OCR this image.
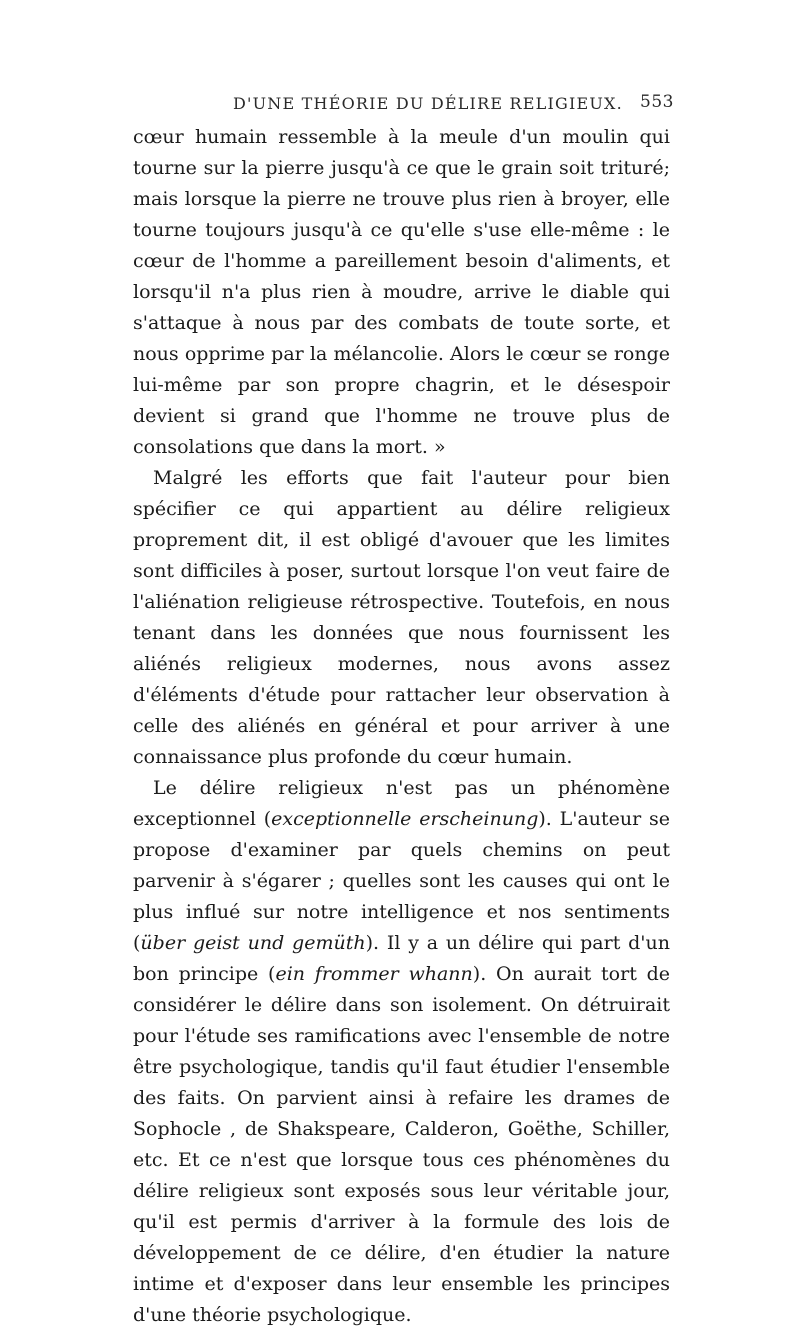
D'UNE THÉORIE DU DÉLIRE RELIGIEUX. 553

cœur humain ressemble à la meule d'un moulin qui tourne sur la pierre jusqu'à ce que le grain soit trituré; mais lorsque la pierre ne trouve plus rien à broyer, elle tourne toujours jusqu'à ce qu'elle s'use elle-même : le cœur de l'homme a pareillement besoin d'aliments, et lorsqu'il n'a plus rien à moudre, arrive le diable qui s'attaque à nous par des combats de toute sorte, et nous opprime par la mélancolie. Alors le cœur se ronge lui-même par son propre chagrin, et le désespoir devient si grand que l'homme ne trouve plus de consolations que dans la mort. »

Malgré les efforts que fait l'auteur pour bien spécifier ce qui appartient au délire religieux proprement dit, il est obligé d'avouer que les limites sont difficiles à poser, surtout lorsque l'on veut faire de l'aliénation religieuse rétrospective. Toutefois, en nous tenant dans les données que nous fournissent les aliénés religieux modernes, nous avons assez d'éléments d'étude pour rattacher leur observation à celle des aliénés en général et pour arriver à une connaissance plus profonde du cœur humain.

Le délire religieux n'est pas un phénomène exceptionnel (exceptionnelle erscheinung). L'auteur se propose d'examiner par quels chemins on peut parvenir à s'égarer ; quelles sont les causes qui ont le plus influé sur notre intelligence et nos sentiments (über geist und gemüth). Il y a un délire qui part d'un bon principe (ein frommer whann). On aurait tort de considérer le délire dans son isolement. On détruirait pour l'étude ses ramifications avec l'ensemble de notre être psychologique, tandis qu'il faut étudier l'ensemble des faits. On parvient ainsi à refaire les drames de Sophocle , de Shakspeare, Calderon, Goëthe, Schiller, etc. Et ce n'est que lorsque tous ces phénomènes du délire religieux sont exposés sous leur véritable jour, qu'il est permis d'arriver à la formule des lois de développement de ce délire, d'en étudier la nature intime et d'exposer dans leur ensemble les principes d'une théorie psychologique.
